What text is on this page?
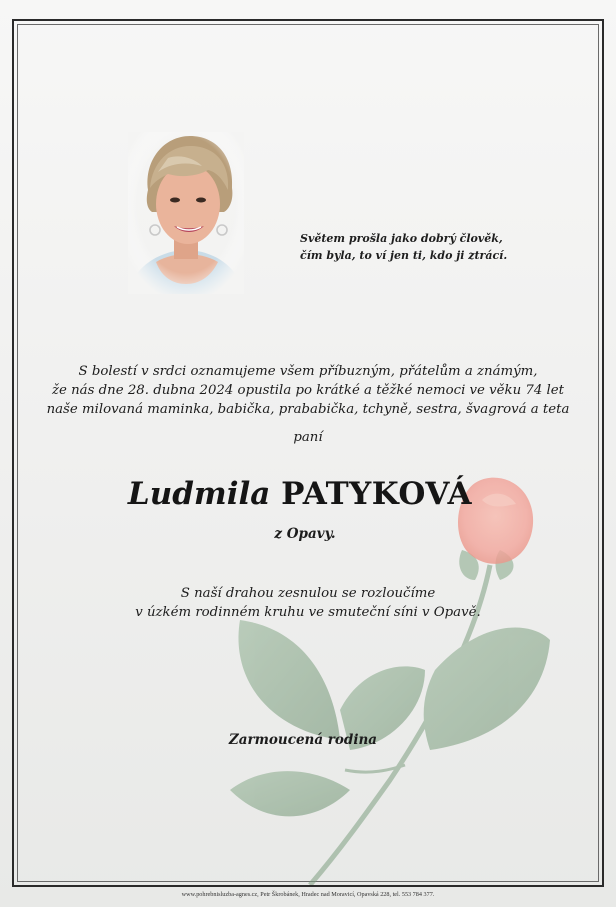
Světem prošla jako dobrý člověk,
čím byla, to ví jen ti, kdo ji ztrácí.
S bolestí v srdci oznamujeme všem příbuzným, přátelům a známým,
že nás dne 28. dubna 2024 opustila po krátké a těžké nemoci ve věku 74 let
naše milovaná maminka, babička, prababička, tchyně, sestra, švagrová a teta
paní
Ludmila PATYKOVÁ
z Opavy.
S naší drahou zesnulou se rozloučíme
v úzkém rodinném kruhu ve smuteční síni v Opavě.
Zarmoucená rodina
www.pohrebnisluzba-agnes.cz, Petr Škrobánek, Hradec nad Moravicí, Opavská 228, tel. 553 784 377.
